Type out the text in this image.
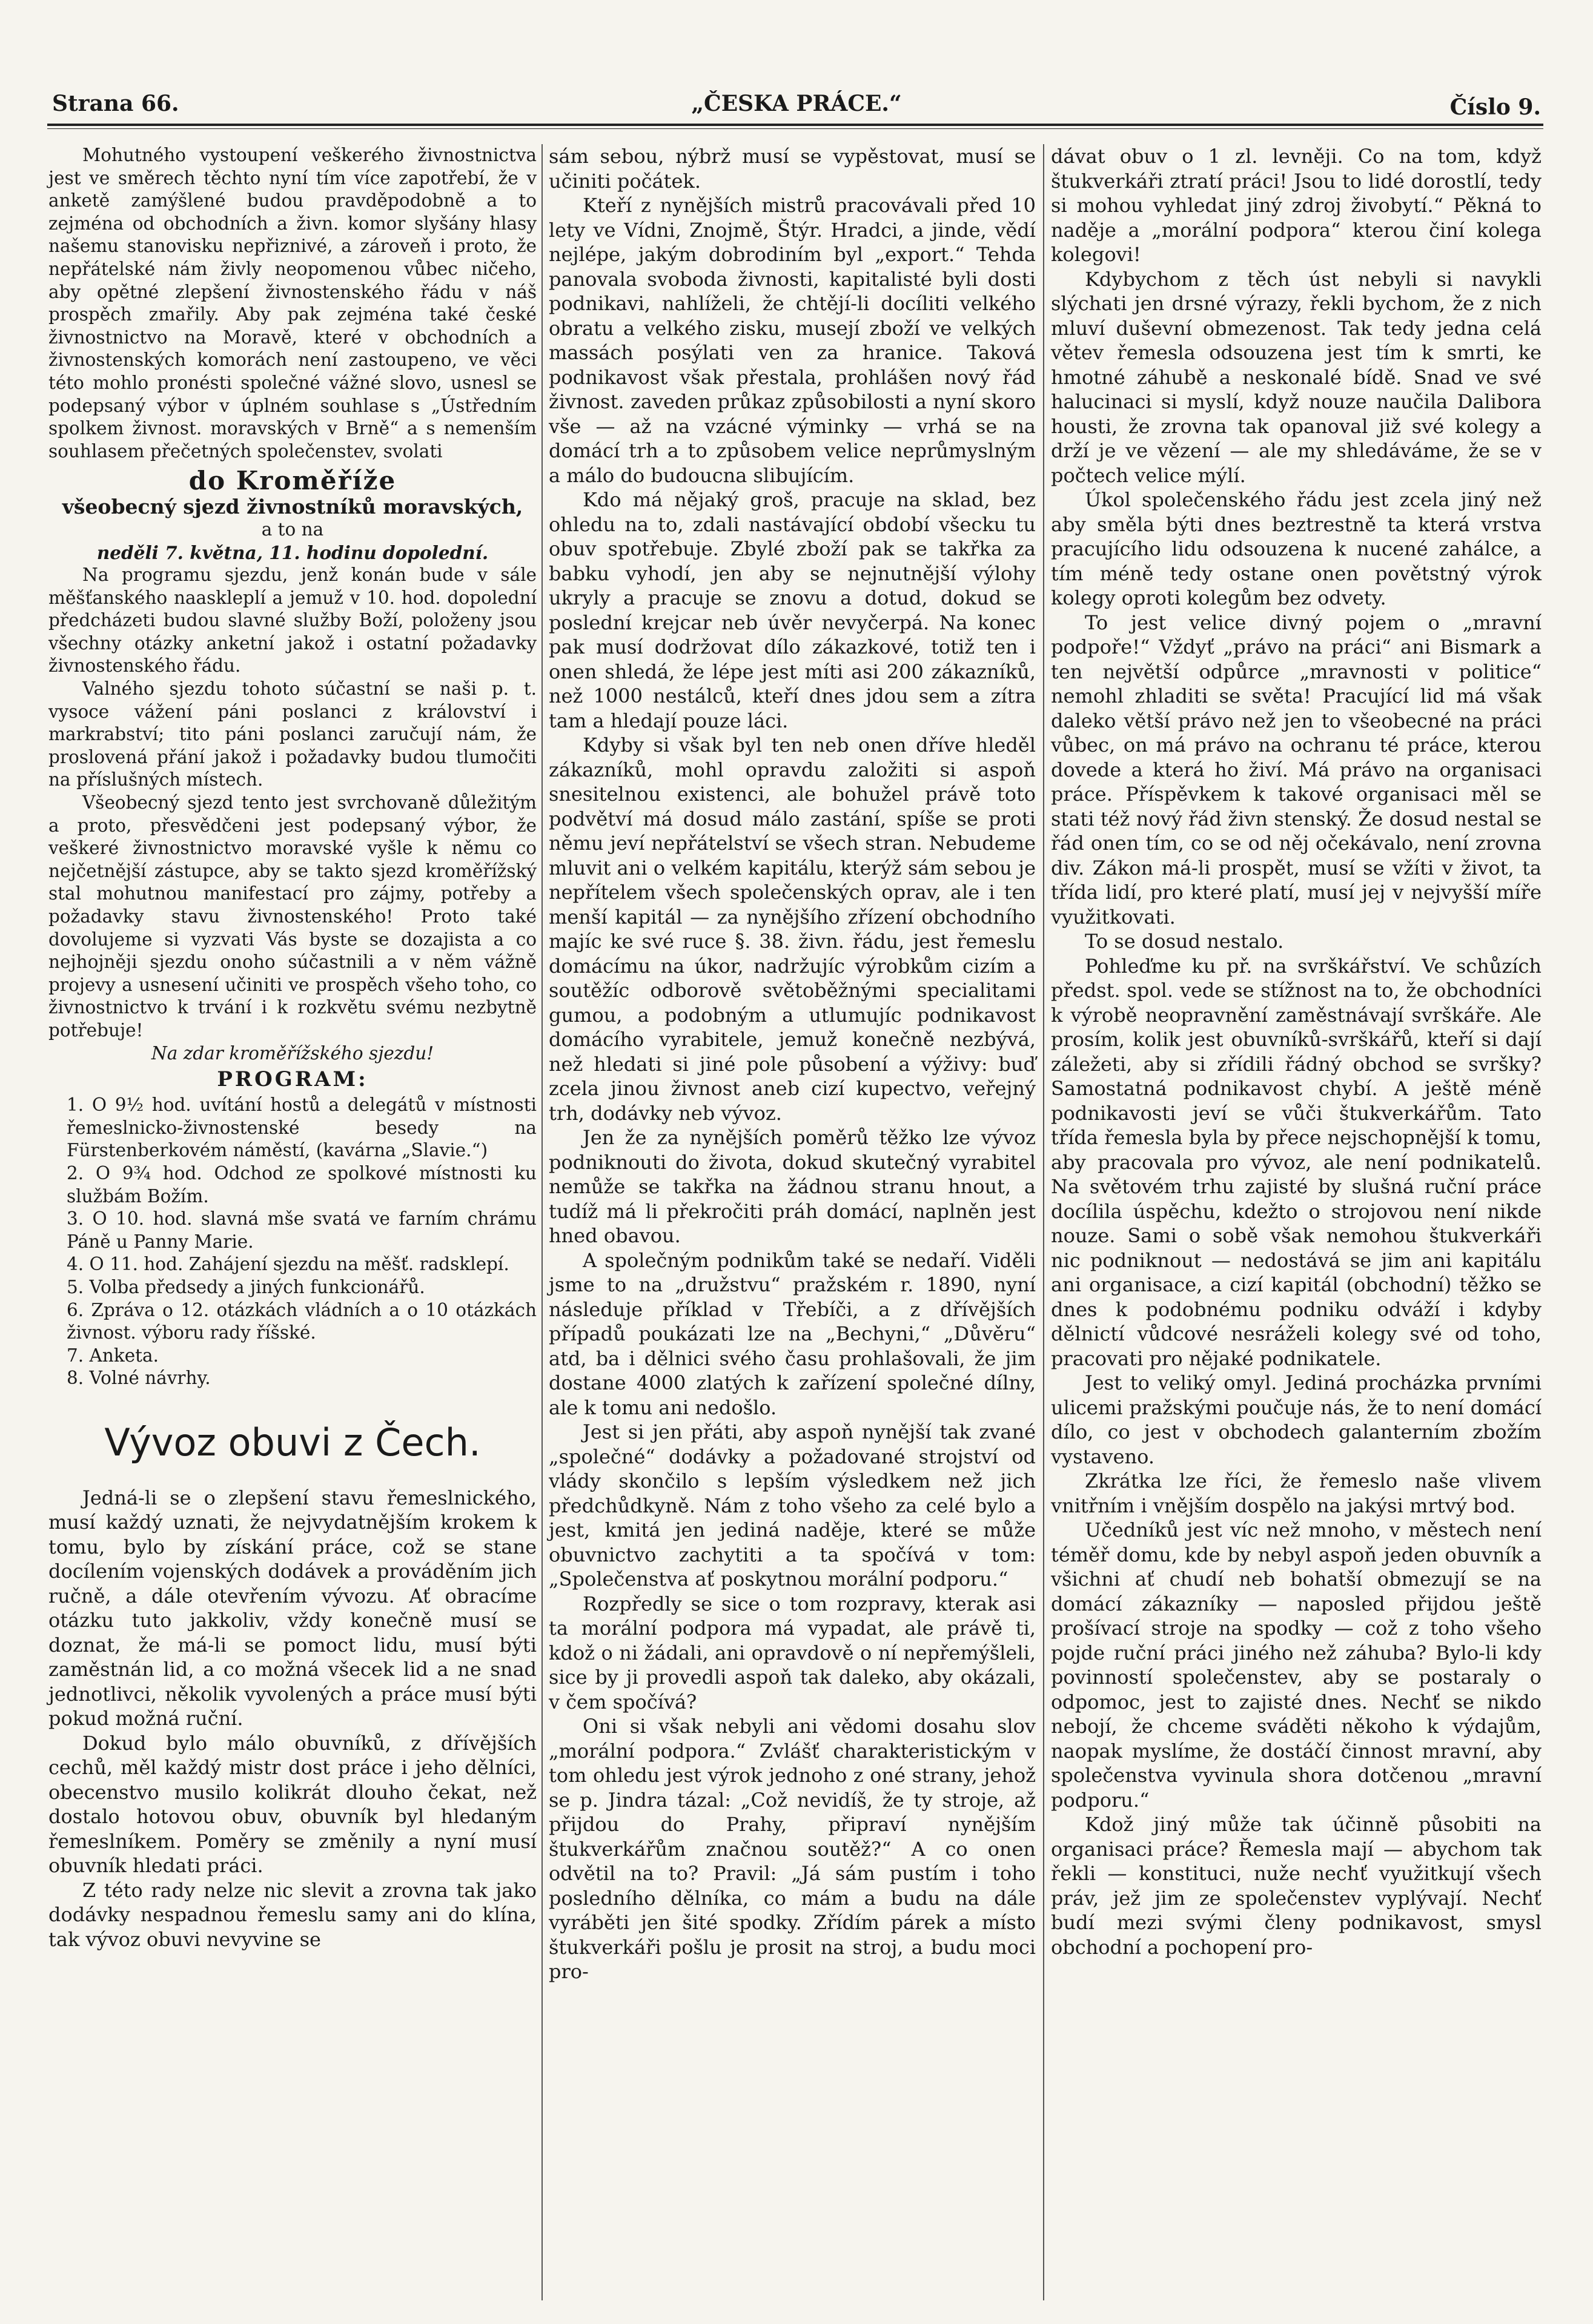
Strana 66.	„ČESKA PRÁCE.“	Číslo 9.

Mohutného vystoupení veškerého živnostnictva jest ve směrech těchto nyní tím více zapotřebí, že v anketě zamýšlené budou pravděpodobně a to zejména od obchodních a živn. komor slyšány hlasy našemu stanovisku nepřiznivé, a zároveň i proto, že nepřátelské nám živly neopomenou vůbec ničeho, aby opětné zlepšení živnostenského řádu v náš prospěch zmařily. Aby pak zejména také české živnostnictvo na Moravě, které v obchodních a živnostenských komorách není zastoupeno, ve věci této mohlo pronésti společné vážné slovo, usnesl se podepsaný výbor v úplném souhlase s „Ústředním spolkem živnost. moravských v Brně“ a s nemenším souhlasem přečetných společenstev, svolati

do Kroměříže

všeobecný sjezd živnostníků moravských,

a to na

neděli 7. května, 11. hodinu dopolední.

Na programu sjezdu, jenž konán bude v sále měšťanského naaskleplí a jemuž v 10. hod. dopolední předcházeti budou slavné služby Boží, položeny jsou všechny otázky anketní jakož i ostatní požadavky živnostenského řádu.

Valného sjezdu tohoto súčastní se naši p. t. vysoce vážení páni poslanci z království i markrabství; tito páni poslanci zaručují nám, že proslovená přání jakož i požadavky budou tlumočiti na příslušných místech.

Všeobecný sjezd tento jest svrchovaně důležitým a proto, přesvědčeni jest podepsaný výbor, že veškeré živnostnictvo moravské vyšle k němu co nejčetnější zástupce, aby se takto sjezd kroměřížský stal mohutnou manifestací pro zájmy, potřeby a požadavky stavu živnostenského! Proto také dovolujeme si vyzvati Vás byste se dozajista a co nejhojněji sjezdu onoho súčastnili a v něm vážně projevy a usnesení učiniti ve prospěch všeho toho, co živnostnictvo k trvání i k rozkvětu svému nezbytně potřebuje!

Na zdar kroměřížského sjezdu!

PROGRAM:

1. O 9½ hod. uvítání hostů a delegátů v místnosti řemeslnicko-živnostenské besedy na Fürstenberkovém náměstí, (kavárna „Slavie.“)
2. O 9¾ hod. Odchod ze spolkové místnosti ku službám Božím.
3. O 10. hod. slavná mše svatá ve farním chrámu Páně u Panny Marie.
4. O 11. hod. Zahájení sjezdu na měšť. radsklepí.
5. Volba předsedy a jiných funkcionářů.
6. Zpráva o 12. otázkách vládních a o 10 otázkách živnost. výboru rady říšské.
7. Anketa.
8. Volné návrhy.
Vývoz obuvi z Čech.

Jedná-li se o zlepšení stavu řemeslnického, musí každý uznati, že nejvydatnějším krokem k tomu, bylo by získání práce, což se stane docílením vojenských dodávek a prováděním jich ručně, a dále otevřením vývozu. Ať obracíme otázku tuto jakkoliv, vždy konečně musí se doznat, že má-li se pomoct lidu, musí býti zaměstnán lid, a co možná všecek lid a ne snad jednotlivci, několik vyvolených a práce musí býti pokud možná ruční.

Dokud bylo málo obuvníků, z dřívějších cechů, měl každý mistr dost práce i jeho dělníci, obecenstvo musilo kolikrát dlouho čekat, než dostalo hotovou obuv, obuvník byl hledaným řemeslníkem. Poměry se změnily a nyní musí obuvník hledati práci.

Z této rady nelze nic slevit a zrovna tak jako dodávky nespadnou řemeslu samy ani do klína, tak vývoz obuvi nevyvine se

sám sebou, nýbrž musí se vypěstovat, musí se učiniti počátek.

Kteří z nynějších mistrů pracovávali před 10 lety ve Vídni, Znojmě, Štýr. Hradci, a jinde, vědí nejlépe, jakým dobrodiním byl „export.“ Tehda panovala svoboda živnosti, kapitalisté byli dosti podnikavi, nahlíželi, že chtějí-li docíliti velkého obratu a velkého zisku, musejí zboží ve velkých massách posýlati ven za hranice. Taková podnikavost však přestala, prohlášen nový řád živnost. zaveden průkaz způsobilosti a nyní skoro vše — až na vzácné výminky — vrhá se na domácí trh a to způsobem velice neprůmyslným a málo do budoucna slibujícím.

Kdo má nějaký groš, pracuje na sklad, bez ohledu na to, zdali nastávající období všecku tu obuv spotřebuje. Zbylé zboží pak se takřka za babku vyhodí, jen aby se nejnutnější výlohy ukryly a pracuje se znovu a dotud, dokud se poslední krejcar neb úvěr nevyčerpá. Na konec pak musí dodržovat dílo zákazkové, totiž ten i onen shledá, že lépe jest míti asi 200 zákazníků, než 1000 nestálců, kteří dnes jdou sem a zítra tam a hledají pouze láci.

Kdyby si však byl ten neb onen dříve hleděl zákazníků, mohl opravdu založiti si aspoň snesitelnou existenci, ale bohužel právě toto podvětví má dosud málo zastání, spíše se proti němu jeví nepřátelství se všech stran. Nebudeme mluvit ani o velkém kapitálu, kterýž sám sebou je nepřítelem všech společenských oprav, ale i ten menší kapitál — za nynějšího zřízení obchodního majíc ke své ruce §. 38. živn. řádu, jest řemeslu domácímu na úkor, nadržujíc výrobkům cizím a soutěžíc odborově světoběžnými specialitami gumou, a podobným a utlumujíc podnikavost domácího vyrabitele, jemuž konečně nezbývá, než hledati si jiné pole působení a výživy: buď zcela jinou živnost aneb cizí kupectvo, veřejný trh, dodávky neb vývoz.

Jen že za nynějších poměrů těžko lze vývoz podniknouti do života, dokud skutečný vyrabitel nemůže se takřka na žádnou stranu hnout, a tudíž má li překročiti práh domácí, naplněn jest hned obavou.

A společným podnikům také se nedaří. Viděli jsme to na „družstvu“ pražském r. 1890, nyní následuje příklad v Třebíči, a z dřívějších případů poukázati lze na „Bechyni,“ „Důvěru“ atd, ba i dělnici svého času prohlašovali, že jim dostane 4000 zlatých k zařízení společné dílny, ale k tomu ani nedošlo.

Jest si jen přáti, aby aspoň nynější tak zvané „společné“ dodávky a požadované strojství od vlády skončilo s lepším výsledkem než jich předchůdkyně. Nám z toho všeho za celé bylo a jest, kmitá jen jediná naděje, které se může obuvnictvo zachytiti a ta spočívá v tom: „Společenstva ať poskytnou morální podporu.“

Rozpředly se sice o tom rozpravy, kterak asi ta morální podpora má vypadat, ale právě ti, kdož o ni žádali, ani opravdově o ní nepřemýšleli, sice by ji provedli aspoň tak daleko, aby okázali, v čem spočívá?

Oni si však nebyli ani vědomi dosahu slov „morální podpora.“ Zvlášť charakteristickým v tom ohledu jest výrok jednoho z oné strany, jehož se p. Jindra tázal: „Což nevidíš, že ty stroje, až přijdou do Prahy, připraví nynějším štukverkářům značnou soutěž?“ A co onen odvětil na to? Pravil: „Já sám pustím i toho posledního dělníka, co mám a budu na dále vyráběti jen šité spodky. Zřídím párek a místo štukverkáři pošlu je prosit na stroj, a budu moci pro-

dávat obuv o 1 zl. levněji. Co na tom, když štukverkáři ztratí práci! Jsou to lidé dorostlí, tedy si mohou vyhledat jiný zdroj živobytí.“ Pěkná to naděje a „morální podpora“ kterou činí kolega kolegovi!

Kdybychom z těch úst nebyli si navykli slýchati jen drsné výrazy, řekli bychom, že z nich mluví duševní obmezenost. Tak tedy jedna celá větev řemesla odsouzena jest tím k smrti, ke hmotné záhubě a neskonalé bídě. Snad ve své halucinaci si myslí, když nouze naučila Dalibora housti, že zrovna tak opanoval již své kolegy a drží je ve vězení — ale my shledáváme, že se v počtech velice mýlí.

Úkol společenského řádu jest zcela jiný než aby směla býti dnes beztrestně ta která vrstva pracujícího lidu odsouzena k nucené zahálce, a tím méně tedy ostane onen povětstný výrok kolegy oproti kolegům bez odvety.

To jest velice divný pojem o „mravní podpoře!“ Vždyť „právo na práci“ ani Bismark a ten největší odpůrce „mravnosti v politice“ nemohl zhladiti se světa! Pracující lid má však daleko větší právo než jen to všeobecné na práci vůbec, on má právo na ochranu té práce, kterou dovede a která ho živí. Má právo na organisaci práce. Příspěvkem k takové organisaci měl se stati též nový řád živn stenský. Že dosud nestal se řád onen tím, co se od něj očekávalo, není zrovna div. Zákon má-li prospět, musí se vžíti v život, ta třída lidí, pro které platí, musí jej v nejvyšší míře využitkovati.

To se dosud nestalo.

Pohleďme ku př. na svrškářství. Ve schůzích předst. spol. vede se stížnost na to, že obchodníci k výrobě neopravnění zaměstnávají svrškáře. Ale prosím, kolik jest obuvníků-svrškářů, kteří si dají záležeti, aby si zřídili řádný obchod se svršky? Samostatná podnikavost chybí. A ještě méně podnikavosti jeví se vůči štukverkářům. Tato třída řemesla byla by přece nejschopnější k tomu, aby pracovala pro vývoz, ale není podnikatelů. Na světovém trhu zajisté by slušná ruční práce docílila úspěchu, kdežto o strojovou není nikde nouze. Sami o sobě však nemohou štukverkáři nic podniknout — nedostává se jim ani kapitálu ani organisace, a cizí kapitál (obchodní) těžko se dnes k podobnému podniku odváží i kdyby dělnictí vůdcové nesráželi kolegy své od toho, pracovati pro nějaké podnikatele.

Jest to veliký omyl. Jediná procházka prvními ulicemi pražskými poučuje nás, že to není domácí dílo, co jest v obchodech galanterním zbožím vystaveno.

Zkrátka lze říci, že řemeslo naše vlivem vnitřním i vnějším dospělo na jakýsi mrtvý bod.

Učedníků jest víc než mnoho, v městech není téměř domu, kde by nebyl aspoň jeden obuvník a všichni ať chudí neb bohatší obmezují se na domácí zákazníky — naposled přijdou ještě prošívací stroje na spodky — což z toho všeho pojde ruční práci jiného než záhuba? Bylo-li kdy povinností společenstev, aby se postaraly o odpomoc, jest to zajisté dnes. Nechť se nikdo nebojí, že chceme sváděti někoho k výdajům, naopak myslíme, že dostáčí činnost mravní, aby společenstva vyvinula shora dotčenou „mravní podporu.“

Kdož jiný může tak účinně působiti na organisaci práce? Řemesla mají — abychom tak řekli — konstituci, nuže nechť využitkují všech práv, jež jim ze společenstev vyplývají. Nechť budí mezi svými členy podnikavost, smysl obchodní a pochopení pro-
